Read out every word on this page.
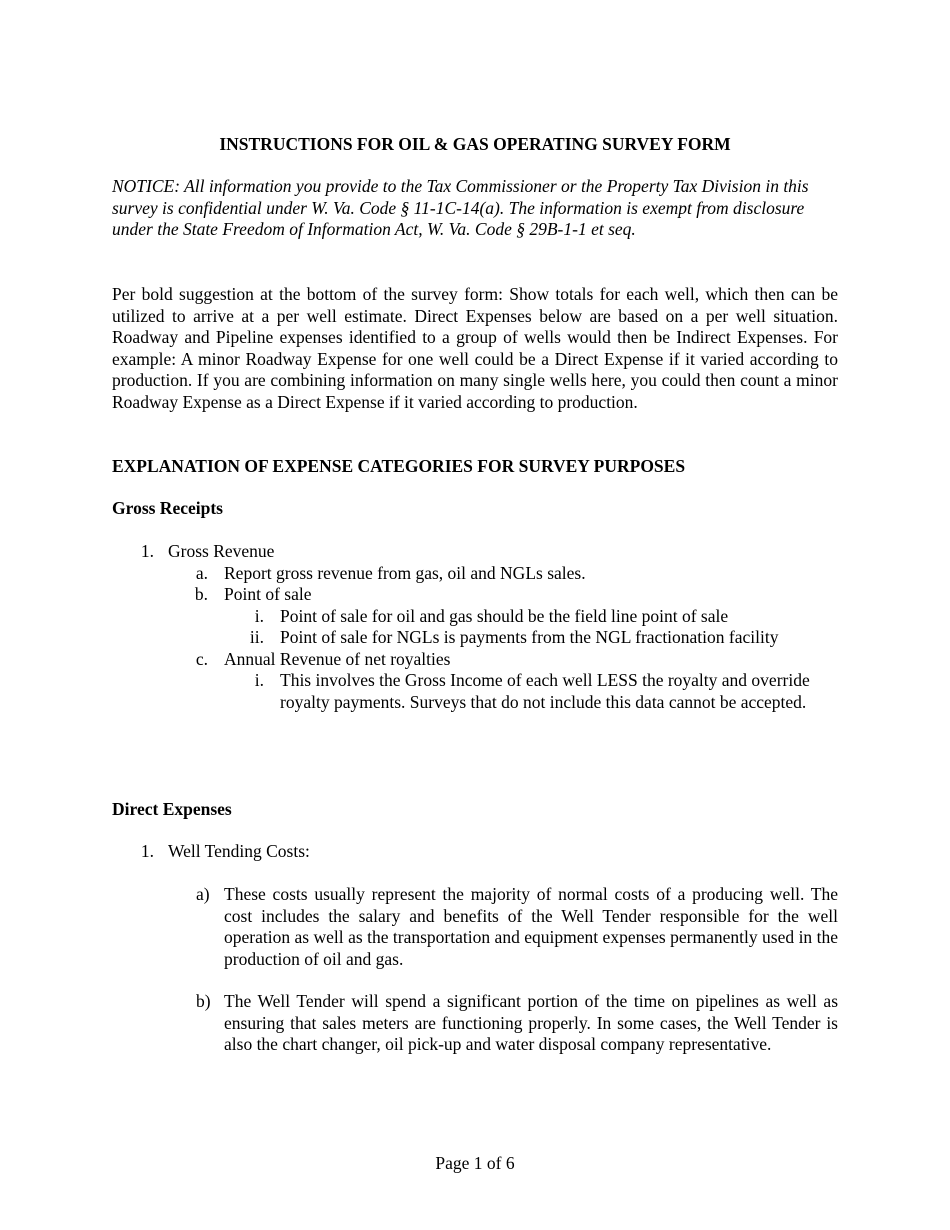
INSTRUCTIONS FOR OIL & GAS OPERATING SURVEY FORM

NOTICE: All information you provide to the Tax Commissioner or the Property Tax Division in this survey is confidential under W. Va. Code § 11-1C-14(a). The information is exempt from disclosure under the State Freedom of Information Act, W. Va. Code § 29B-1-1 et seq.

Per bold suggestion at the bottom of the survey form: Show totals for each well, which then can be utilized to arrive at a per well estimate. Direct Expenses below are based on a per well situation. Roadway and Pipeline expenses identified to a group of wells would then be Indirect Expenses. For example: A minor Roadway Expense for one well could be a Direct Expense if it varied according to production. If you are combining information on many single wells here, you could then count a minor Roadway Expense as a Direct Expense if it varied according to production.

EXPLANATION OF EXPENSE CATEGORIES FOR SURVEY PURPOSES
Gross Receipts
1. Gross Revenue
a. Report gross revenue from gas, oil and NGLs sales.
b. Point of sale
i. Point of sale for oil and gas should be the field line point of sale
ii. Point of sale for NGLs is payments from the NGL fractionation facility
c. Annual Revenue of net royalties
i. This involves the Gross Income of each well LESS the royalty and override royalty payments. Surveys that do not include this data cannot be accepted.
Direct Expenses
1. Well Tending Costs:
a) These costs usually represent the majority of normal costs of a producing well. The cost includes the salary and benefits of the Well Tender responsible for the well operation as well as the transportation and equipment expenses permanently used in the production of oil and gas.

b) The Well Tender will spend a significant portion of the time on pipelines as well as ensuring that sales meters are functioning properly. In some cases, the Well Tender is also the chart changer, oil pick-up and water disposal company representative.

Page 1 of 6
